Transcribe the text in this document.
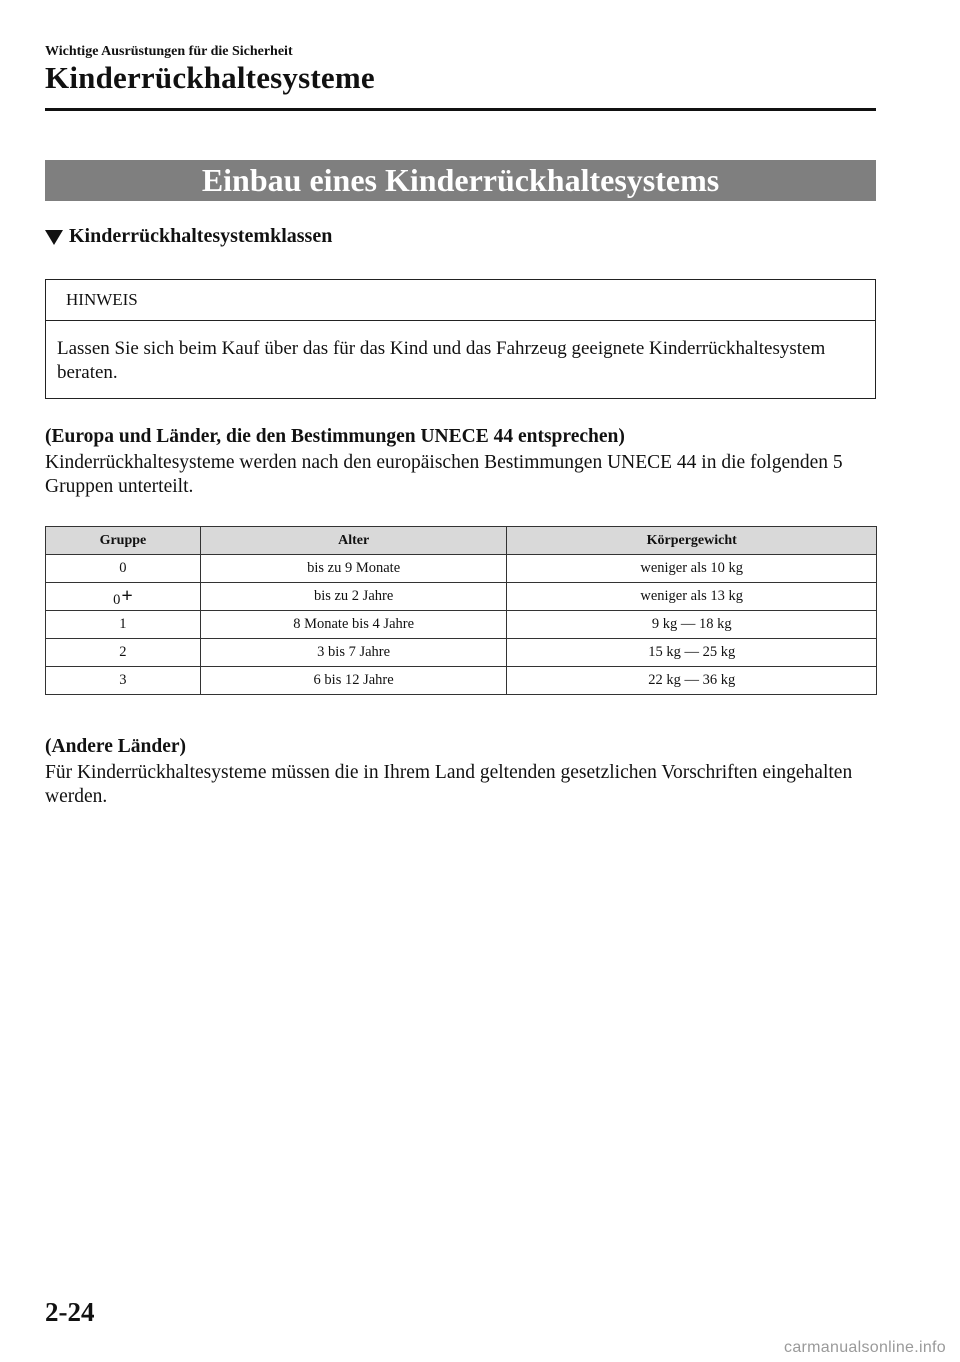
Wichtige Ausrüstungen für die Sicherheit
Kinderrückhaltesysteme
Einbau eines Kinderrückhaltesystems
Kinderrückhaltesystemklassen
HINWEIS
Lassen Sie sich beim Kauf über das für das Kind und das Fahrzeug geeignete Kinderrückhaltesystem beraten.
(Europa und Länder, die den Bestimmungen UNECE 44 entsprechen)
Kinderrückhaltesysteme werden nach den europäischen Bestimmungen UNECE 44 in die folgenden 5 Gruppen unterteilt.
Gruppe	Alter	Körpergewicht
0	bis zu 9 Monate	weniger als 10 kg
0+	bis zu 2 Jahre	weniger als 13 kg
1	8 Monate bis 4 Jahre	9 kg — 18 kg
2	3 bis 7 Jahre	15 kg — 25 kg
3	6 bis 12 Jahre	22 kg — 36 kg
(Andere Länder)
Für Kinderrückhaltesysteme müssen die in Ihrem Land geltenden gesetzlichen Vorschriften eingehalten werden.
2-24
carmanualsonline.info
